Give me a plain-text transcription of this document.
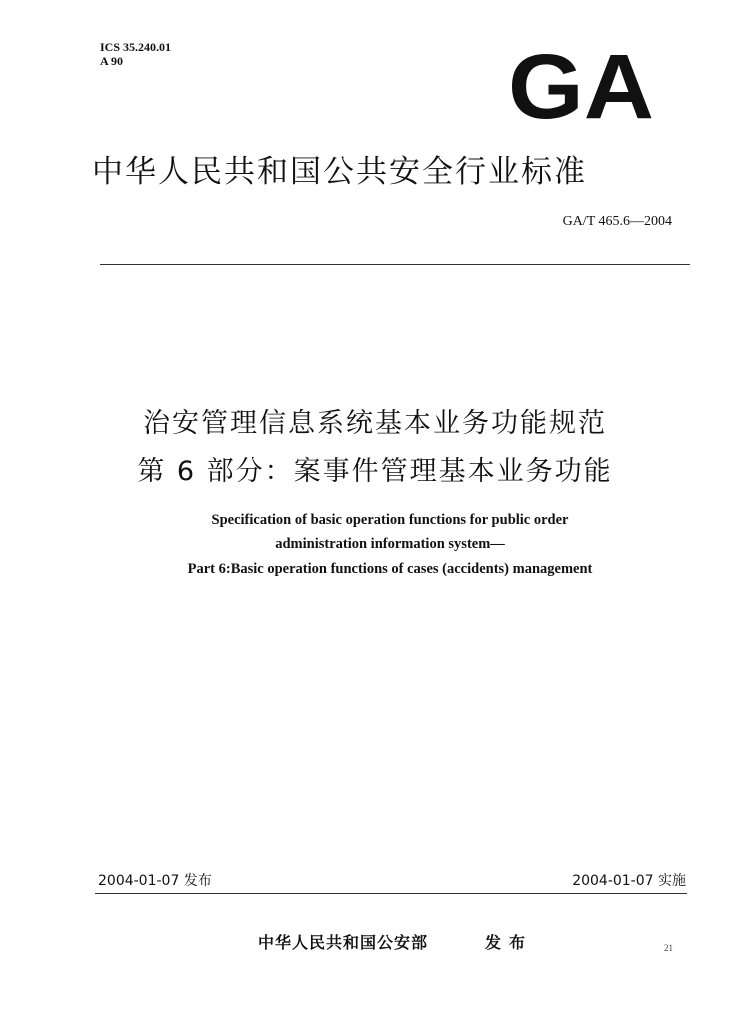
ICS 35.240.01
A 90	GA
中华人民共和国公共安全行业标准
GA/T 465.6—2004
治安管理信息系统基本业务功能规范
第 6 部分：案事件管理基本业务功能
Specification of basic operation functions for public order
administration information system—
Part 6:Basic operation functions of cases (accidents) management
2004-01-07 发布	2004-01-07 实施
中华人民共和国公安部	发布	21
